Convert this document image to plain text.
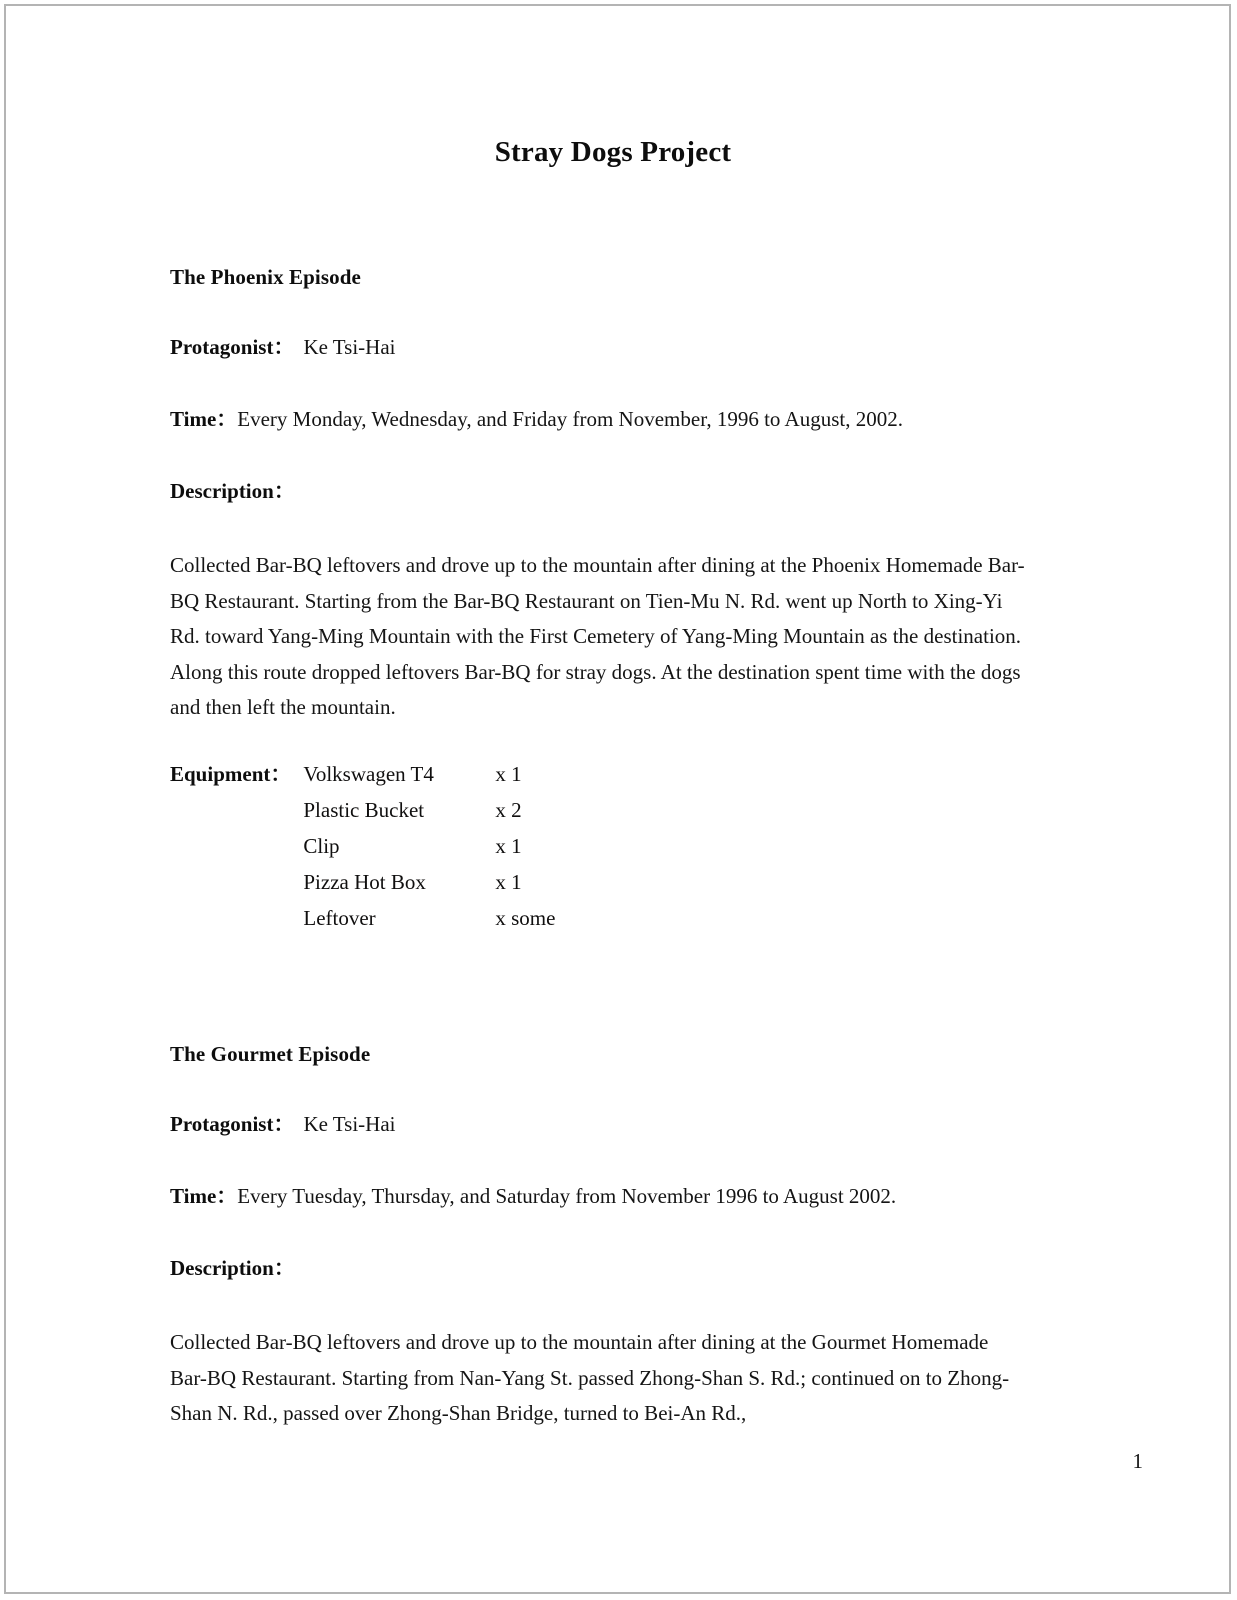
Stray Dogs Project
The Phoenix Episode
Protagonist： Ke Tsi-Hai
Time：Every Monday, Wednesday, and Friday from November, 1996 to August, 2002.
Description：
Collected Bar-BQ leftovers and drove up to the mountain after dining at the Phoenix Homemade Bar-BQ Restaurant. Starting from the Bar-BQ Restaurant on Tien-Mu N. Rd. went up North to Xing-Yi Rd. toward Yang-Ming Mountain with the First Cemetery of Yang-Ming Mountain as the destination. Along this route dropped leftovers Bar-BQ for stray dogs. At the destination spent time with the dogs and then left the mountain.
Equipment： Volkswagen T4	x 1
Plastic Bucket	x 2
Clip	x 1
Pizza Hot Box	x 1
Leftover	x some
The Gourmet Episode
Protagonist： Ke Tsi-Hai
Time：Every Tuesday, Thursday, and Saturday from November 1996 to August 2002.
Description：
Collected Bar-BQ leftovers and drove up to the mountain after dining at the Gourmet Homemade Bar-BQ Restaurant. Starting from Nan-Yang St. passed Zhong-Shan S. Rd.; continued on to Zhong-Shan N. Rd., passed over Zhong-Shan Bridge, turned to Bei-An Rd.,
1
